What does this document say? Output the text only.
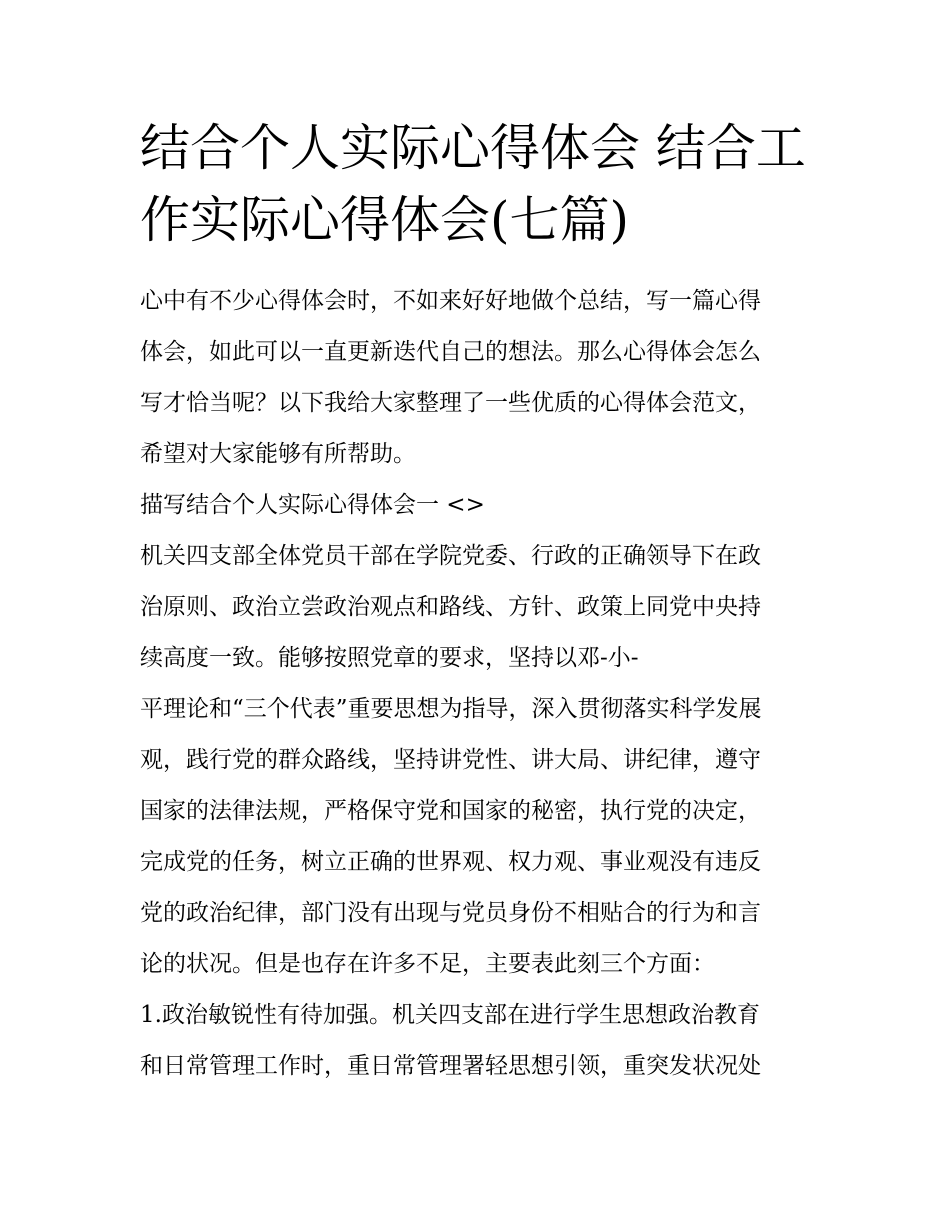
结合个人实际心得体会 结合工
作实际心得体会(七篇)
心中有不少心得体会时，不如来好好地做个总结，写一篇心得
体会，如此可以一直更新迭代自己的想法。那么心得体会怎么
写才恰当呢？以下我给大家整理了一些优质的心得体会范文，
希望对大家能够有所帮助。
描写结合个人实际心得体会一 <>
机关四支部全体党员干部在学院党委、行政的正确领导下在政
治原则、政治立尝政治观点和路线、方针、政策上同党中央持
续高度一致。能够按照党章的要求，坚持以邓-小-
平理论和“三个代表”重要思想为指导，深入贯彻落实科学发展
观，践行党的群众路线，坚持讲党性、讲大局、讲纪律，遵守
国家的法律法规，严格保守党和国家的秘密，执行党的决定，
完成党的任务，树立正确的世界观、权力观、事业观没有违反
党的政治纪律，部门没有出现与党员身份不相贴合的行为和言
论的状况。但是也存在许多不足，主要表此刻三个方面：
1.政治敏锐性有待加强。机关四支部在进行学生思想政治教育
和日常管理工作时，重日常管理署轻思想引领，重突发状况处
